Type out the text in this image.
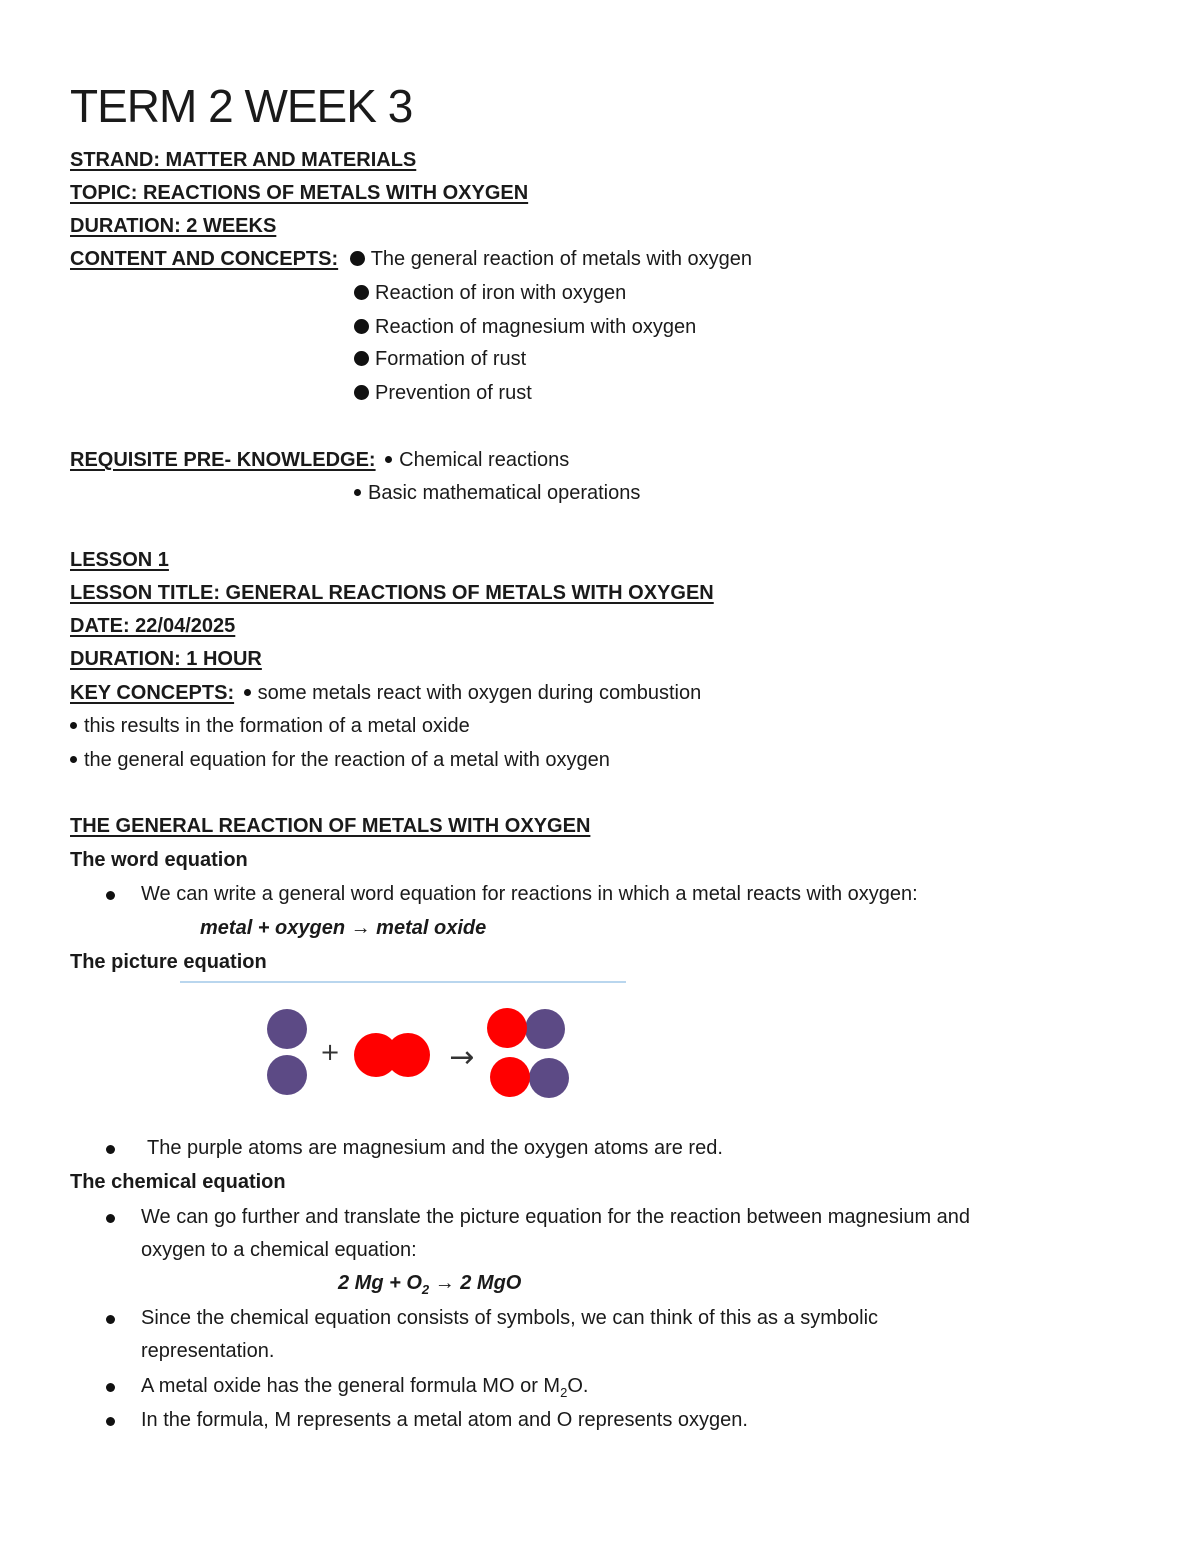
TERM 2 WEEK 3
STRAND: MATTER AND MATERIALS
TOPIC: REACTIONS OF METALS WITH OXYGEN
DURATION: 2 WEEKS
CONTENT AND CONCEPTS: The general reaction of metals with oxygen
Reaction of iron with oxygen
Reaction of magnesium with oxygen
Formation of rust
Prevention of rust
REQUISITE PRE- KNOWLEDGE: Chemical reactions
Basic mathematical operations
LESSON 1
LESSON TITLE: GENERAL REACTIONS OF METALS WITH OXYGEN
DATE: 22/04/2025
DURATION: 1 HOUR
KEY CONCEPTS: some metals react with oxygen during combustion
this results in the formation of a metal oxide
the general equation for the reaction of a metal with oxygen
THE GENERAL REACTION OF METALS WITH OXYGEN
The word equation
We can write a general word equation for reactions in which a metal reacts with oxygen:
metal + oxygen → metal oxide
The picture equation
+	→
The purple atoms are magnesium and the oxygen atoms are red.
The chemical equation
We can go further and translate the picture equation for the reaction between magnesium and
oxygen to a chemical equation:
2 $Mg + O_2 \to 2$ MgO
Since the chemical equation consists of symbols, we can think of this as a symbolic
representation.
A metal oxide has the general formula MO or $M_2O$.
In the formula, M represents a metal atom and O represents oxygen.
